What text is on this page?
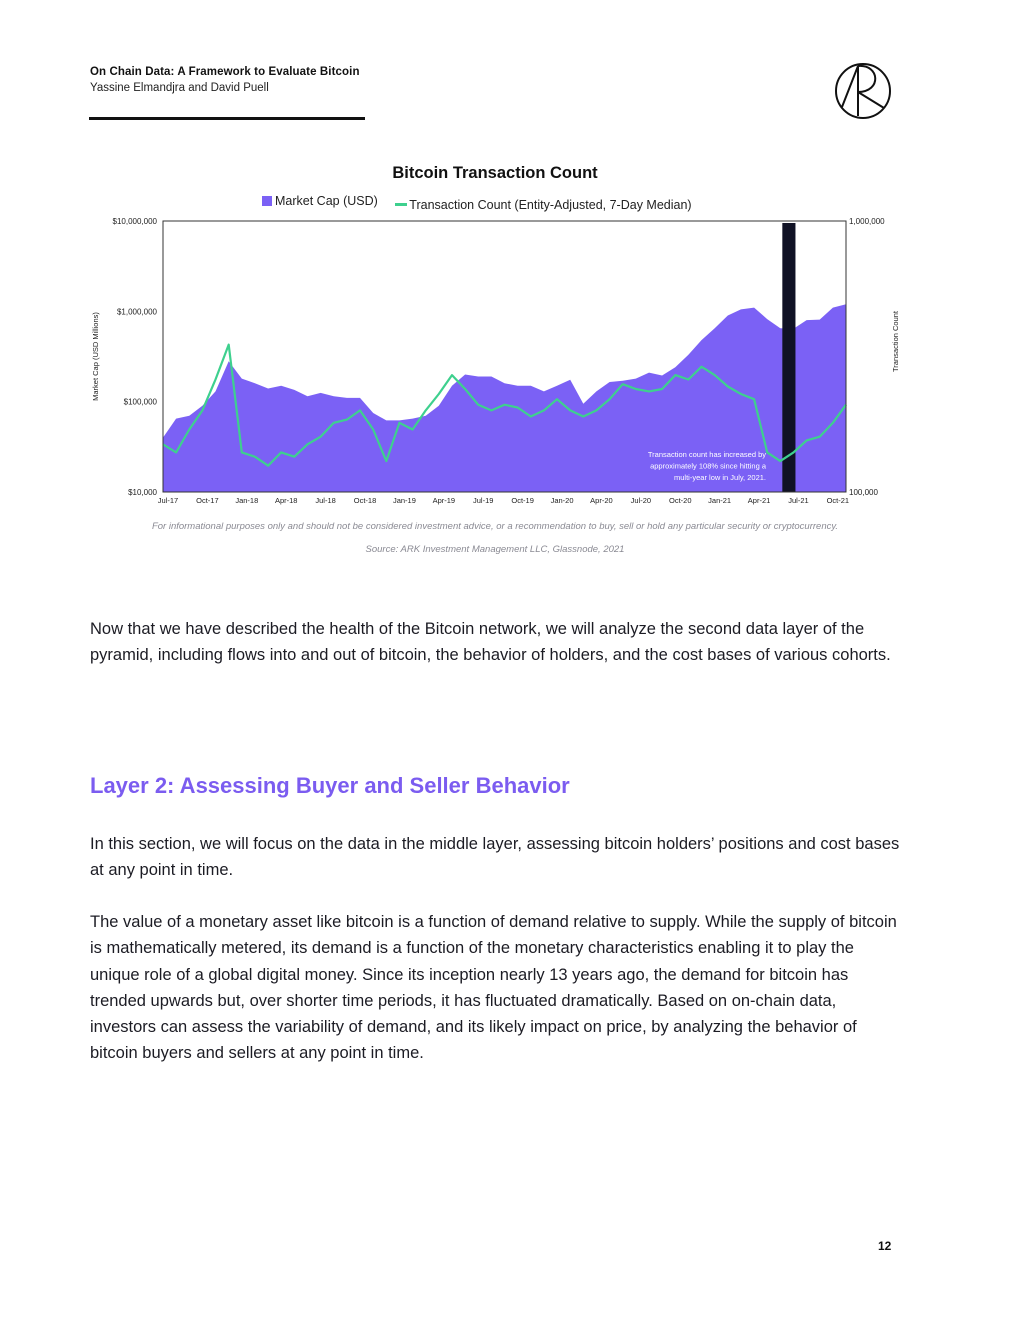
On Chain Data: A Framework to Evaluate Bitcoin
Yassine Elmandjra and David Puell
Bitcoin Transaction Count
Market Cap (USD)
	Transaction Count (Entity-Adjusted, 7-Day Median)
$10,000,000
$1,000,000
$100,000
$10,000
1,000,000
100,000
Jul-17 Oct-17 Jan-18 Apr-18 Jul-18 Oct-18 Jan-19 Apr-19 Jul-19 Oct-19 Jan-20 Apr-20 Jul-20 Oct-20 Jan-21 Apr-21 Jul-21 Oct-21
Market Cap (USD Millions)	Transaction Count
Transaction count has increased by approximately 108% since hitting a multi-year low in July, 2021.
For informational purposes only and should not be considered investment advice, or a recommendation to buy, sell or hold any particular security or cryptocurrency.
Source: ARK Investment Management LLC, Glassnode, 2021

Now that we have described the health of the Bitcoin network, we will analyze the second data layer of the pyramid, including flows into and out of bitcoin, the behavior of holders, and the cost bases of various cohorts.

Layer 2: Assessing Buyer and Seller Behavior

In this section, we will focus on the data in the middle layer, assessing bitcoin holders’ positions and cost bases at any point in time.

The value of a monetary asset like bitcoin is a function of demand relative to supply. While the supply of bitcoin is mathematically metered, its demand is a function of the monetary characteristics enabling it to play the unique role of a global digital money. Since its inception nearly 13 years ago, the demand for bitcoin has trended upwards but, over shorter time periods, it has fluctuated dramatically. Based on on-chain data, investors can assess the variability of demand, and its likely impact on price, by analyzing the behavior of bitcoin buyers and sellers at any point in time.

12
